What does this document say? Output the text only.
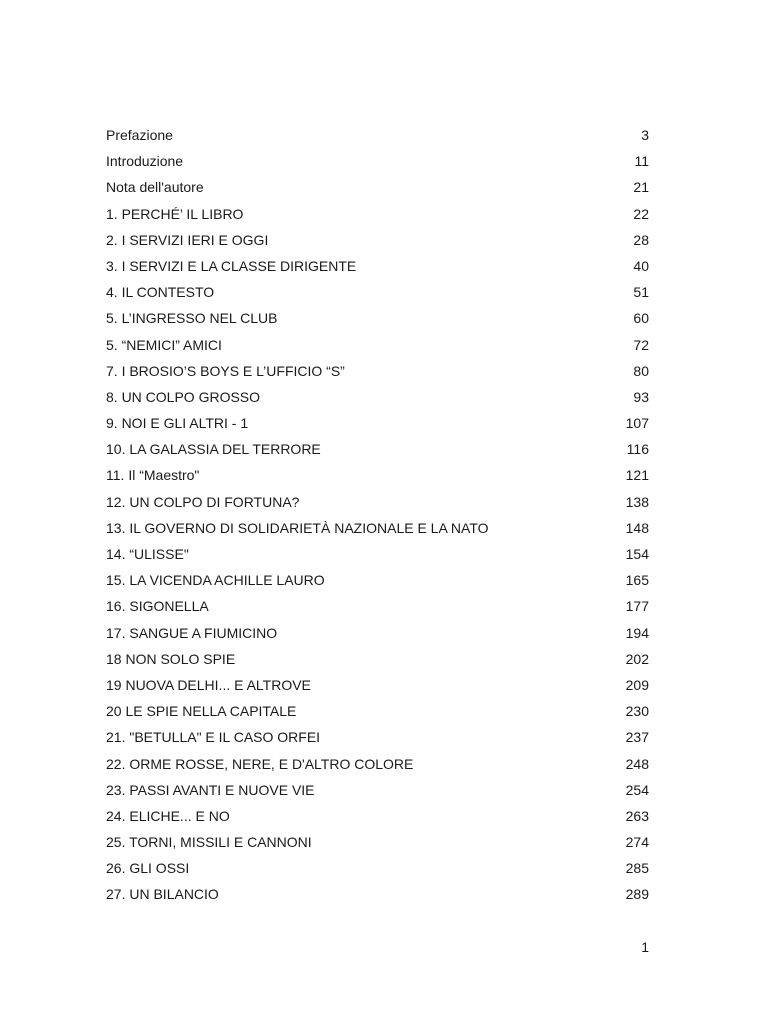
Prefazione	3
Introduzione	11
Nota dell'autore	21
1. PERCHÉ’ IL LIBRO	22
2. I SERVIZI IERI E OGGI	28
3. I SERVIZI E LA CLASSE DIRIGENTE	40
4. IL CONTESTO	51
5. L’INGRESSO NEL CLUB	60
5. “NEMICI” AMICI	72
7. I BROSIO’S BOYS E L’UFFICIO “S”	80
8. UN COLPO GROSSO	93
9. NOI E GLI ALTRI - 1	107
10. LA GALASSIA DEL TERRORE	116
11. Il “Maestro"	121
12. UN COLPO DI FORTUNA?	138
13. IL GOVERNO DI SOLIDARIETÀ NAZIONALE E LA NATO	148
14. “ULISSE"	154
15. LA VICENDA ACHILLE LAURO	165
16. SIGONELLA	177
17. SANGUE A FIUMICINO	194
18 NON SOLO SPIE	202
19 NUOVA DELHI... E ALTROVE	209
20 LE SPIE NELLA CAPITALE	230
21. "BETULLA" E IL CASO ORFEI	237
22. ORME ROSSE, NERE, E D'ALTRO COLORE	248
23. PASSI AVANTI E NUOVE VIE	254
24. ELICHE... E NO	263
25. TORNI, MISSILI E CANNONI	274
26. GLI OSSI	285
27. UN BILANCIO	289
1
